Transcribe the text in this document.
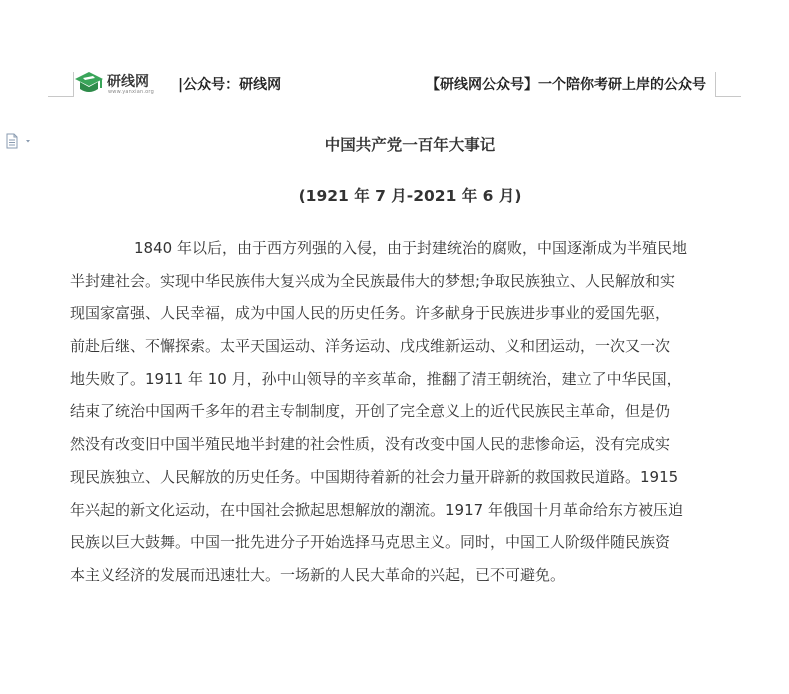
研线网
www.yanxian.org |公众号：研线网	【研线网公众号】一个陪你考研上岸的公众号
中国共产党一百年大事记
(1921 年 7 月-2021 年 6 月)
1840 年以后，由于西方列强的入侵，由于封建统治的腐败，中国逐渐成为半殖民地
半封建社会。实现中华民族伟大复兴成为全民族最伟大的梦想;争取民族独立、人民解放和实
现国家富强、人民幸福，成为中国人民的历史任务。许多献身于民族进步事业的爱国先驱，
前赴后继、不懈探索。太平天国运动、洋务运动、戊戌维新运动、义和团运动，一次又一次
地失败了。1911 年 10 月，孙中山领导的辛亥革命，推翻了清王朝统治，建立了中华民国，
结束了统治中国两千多年的君主专制制度，开创了完全意义上的近代民族民主革命，但是仍
然没有改变旧中国半殖民地半封建的社会性质，没有改变中国人民的悲惨命运，没有完成实
现民族独立、人民解放的历史任务。中国期待着新的社会力量开辟新的救国救民道路。1915
年兴起的新文化运动，在中国社会掀起思想解放的潮流。1917 年俄国十月革命给东方被压迫
民族以巨大鼓舞。中国一批先进分子开始选择马克思主义。同时，中国工人阶级伴随民族资
本主义经济的发展而迅速壮大。一场新的人民大革命的兴起，已不可避免。
